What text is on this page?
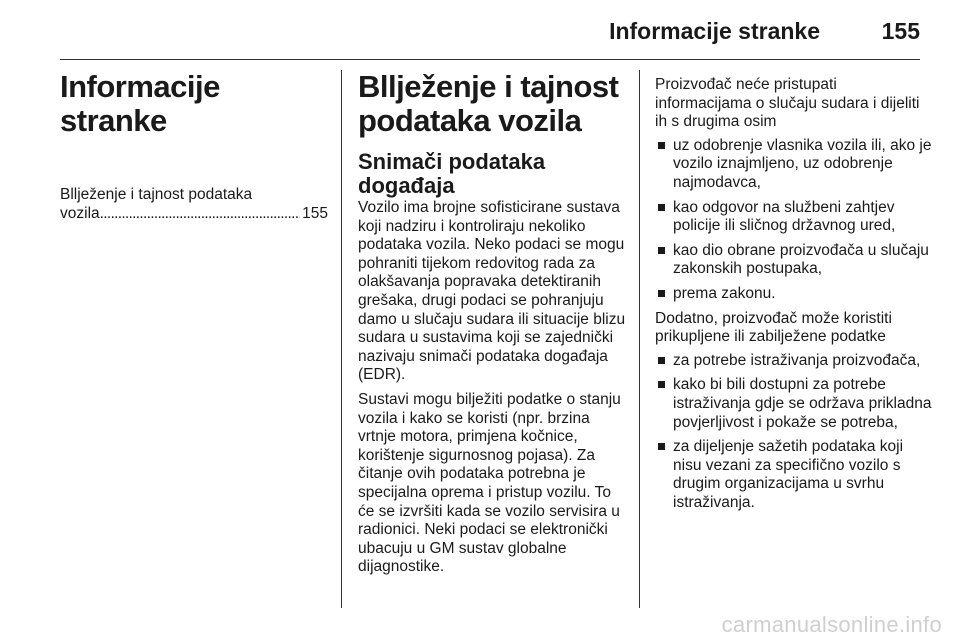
Informacije stranke	155
Informacije stranke
Bllježenje i tajnost podataka
vozila
. . .	155
Bllježenje i tajnost
podataka vozila
Snimači podataka
događaja

Vozilo ima brojne sofisticirane sustava koji nadziru i kontroliraju nekoliko podataka vozila. Neko podaci se mogu pohraniti tijekom redovitog rada za olakšavanja popravaka detektiranih grešaka, drugi podaci se pohranjuju damo u slučaju sudara ili situacije blizu sudara u sustavima koji se zajednički nazivaju snimači podataka događaja (EDR).

Sustavi mogu bilježiti podatke o stanju vozila i kako se koristi (npr. brzina vrtnje motora, primjena kočnice, korištenje sigurnosnog pojasa). Za čitanje ovih podataka potrebna je specijalna oprema i pristup vozilu. To će se izvršiti kada se vozilo servisira u radionici. Neki podaci se elektronički ubacuju u GM sustav globalne dijagnostike.

Proizvođač neće pristupati informacijama o slučaju sudara i dijeliti ih s drugima osim

uz odobrenje vlasnika vozila ili, ako je vozilo iznajmljeno, uz odobrenje najmodavca,
kao odgovor na službeni zahtjev policije ili sličnog državnog ured,
kao dio obrane proizvođača u slučaju zakonskih postupaka,
prema zakonu.

Dodatno, proizvođač može koristiti prikupljene ili zabilježene podatke

za potrebe istraživanja proizvođača,
kako bi bili dostupni za potrebe istraživanja gdje se održava prikladna povjerljivost i pokaže se potreba,
za dijeljenje sažetih podataka koji nisu vezani za specifično vozilo s drugim organizacijama u svrhu istraživanja.
carmanualsonline.info
